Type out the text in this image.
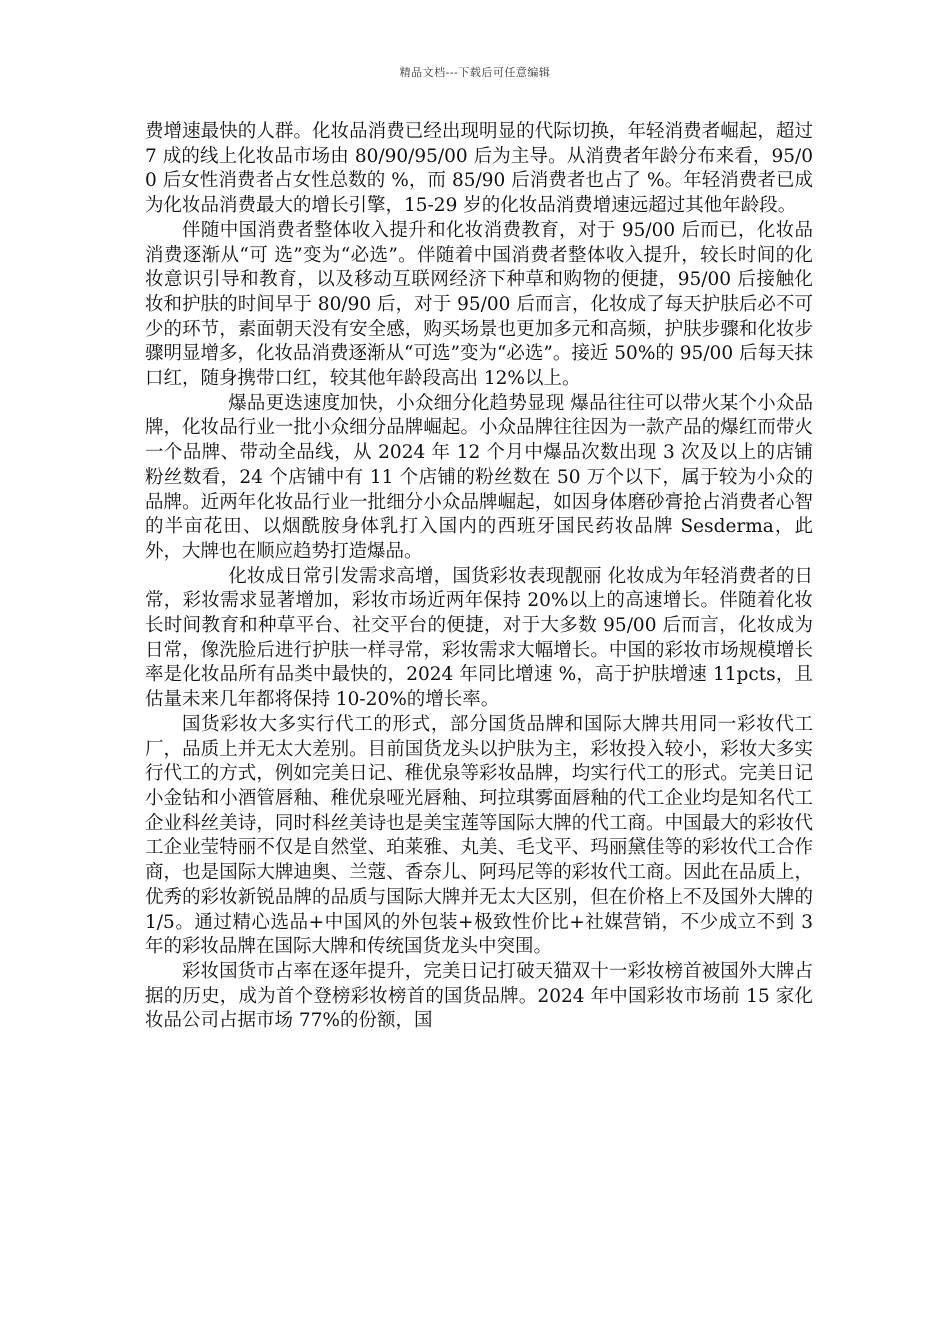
精品文档---下载后可任意编辑

费增速最快的人群。化妆品消费已经出现明显的代际切换，年轻消费者崛起，超过 7 成的线上化妆品市场由 80/90/95/00 后为主导。从消费者年龄分布来看，95/00 后女性消费者占女性总数的 %，而 85/90 后消费者也占了 %。年轻消费者已成为化妆品消费最大的增长引擎，15-29 岁的化妆品消费增速远超过其他年龄段。

伴随中国消费者整体收入提升和化妆消费教育，对于 95/00 后而已，化妆品消费逐渐从“可 选”变为“必选”。伴随着中国消费者整体收入提升，较长时间的化妆意识引导和教育，以及移动互联网经济下种草和购物的便捷，95/00 后接触化妆和护肤的时间早于 80/90 后，对于 95/00 后而言，化妆成了每天护肤后必不可少的环节，素面朝天没有安全感，购买场景也更加多元和高频，护肤步骤和化妆步骤明显增多，化妆品消费逐渐从“可选”变为“必选”。接近 50%的 95/00 后每天抹口红，随身携带口红，较其他年龄段高出 12%以上。

爆品更迭速度加快，小众细分化趋势显现 爆品往往可以带火某个小众品牌，化妆品行业一批小众细分品牌崛起。小众品牌往往因为一款产品的爆红而带火一个品牌、带动全品线，从 2024 年 12 个月中爆品次数出现 3 次及以上的店铺粉丝数看，24 个店铺中有 11 个店铺的粉丝数在 50 万个以下，属于较为小众的品牌。近两年化妆品行业一批细分小众品牌崛起，如因身体磨砂膏抢占消费者心智的半亩花田、以烟酰胺身体乳打入国内的西班牙国民药妆品牌 Sesderma，此外，大牌也在顺应趋势打造爆品。

化妆成日常引发需求高增，国货彩妆表现靓丽 化妆成为年轻消费者的日常，彩妆需求显著增加，彩妆市场近两年保持 20%以上的高速增长。伴随着化妆长时间教育和种草平台、社交平台的便捷，对于大多数 95/00 后而言，化妆成为日常，像洗脸后进行护肤一样寻常，彩妆需求大幅增长。中国的彩妆市场规模增长率是化妆品所有品类中最快的，2024 年同比增速 %，高于护肤增速 11pcts，且估量未来几年都将保持 10-20%的增长率。

国货彩妆大多实行代工的形式，部分国货品牌和国际大牌共用同一彩妆代工厂，品质上并无太大差别。目前国货龙头以护肤为主，彩妆投入较小，彩妆大多实行代工的方式，例如完美日记、稚优泉等彩妆品牌，均实行代工的形式。完美日记小金钻和小酒管唇釉、稚优泉哑光唇釉、珂拉琪雾面唇釉的代工企业均是知名代工企业科丝美诗，同时科丝美诗也是美宝莲等国际大牌的代工商。中国最大的彩妆代工企业莹特丽不仅是自然堂、珀莱雅、丸美、毛戈平、玛丽黛佳等的彩妆代工合作商，也是国际大牌迪奥、兰蔻、香奈儿、阿玛尼等的彩妆代工商。因此在品质上，优秀的彩妆新锐品牌的品质与国际大牌并无太大区别，但在价格上不及国外大牌的 1/5。通过精心选品+中国风的外包装+极致性价比+社媒营销，不少成立不到 3 年的彩妆品牌在国际大牌和传统国货龙头中突围。

彩妆国货市占率在逐年提升，完美日记打破天猫双十一彩妆榜首被国外大牌占据的历史，成为首个登榜彩妆榜首的国货品牌。2024 年中国彩妆市场前 15 家化妆品公司占据市场 77%的份额，国
